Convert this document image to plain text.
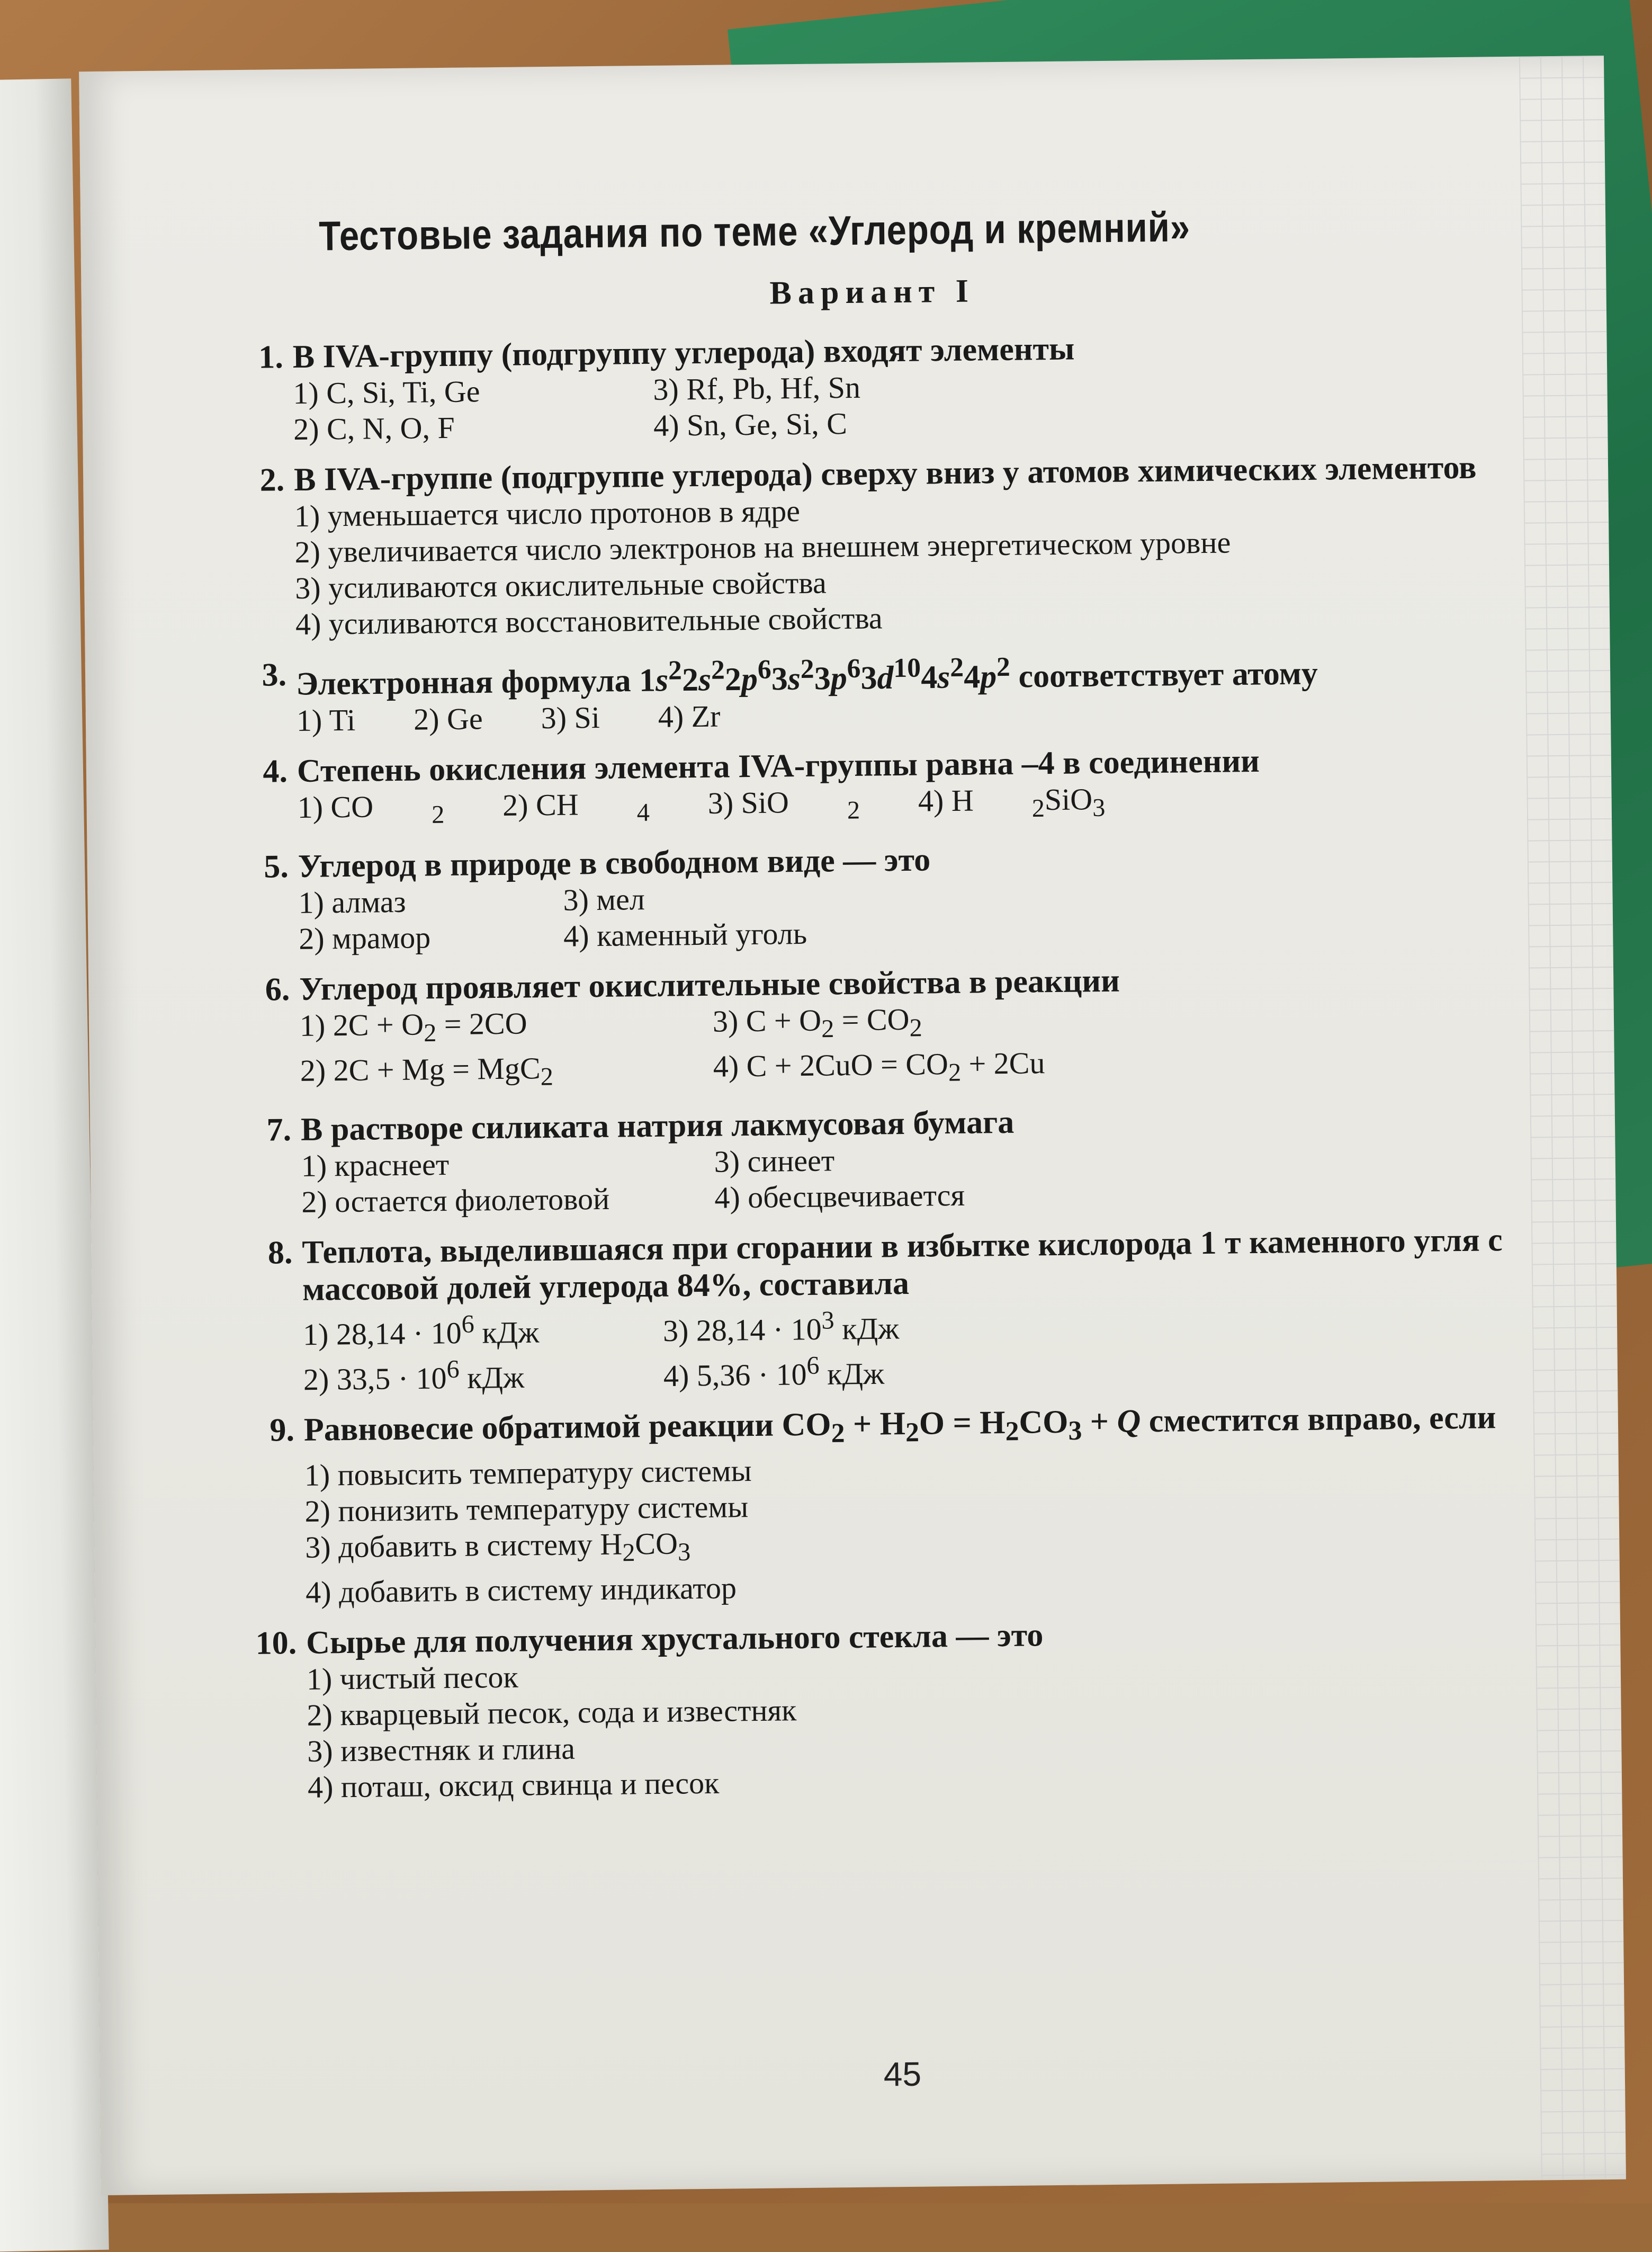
Тестовые задания по теме «Углерод и кремний»
Вариант I
1. В IVA-группу (подгруппу углерода) входят элементы
1) C, Si, Ti, Ge	3) Rf, Pb, Hf, Sn
2) C, N, O, F	4) Sn, Ge, Si, C
2. В IVA-группе (подгруппе углерода) сверху вниз у атомов химических элементов
1) уменьшается число протонов в ядре
2) увеличивается число электронов на внешнем энергетическом уровне
3) усиливаются окислительные свойства
4) усиливаются восстановительные свойства
3. Электронная формула $1s^22s^22p^63s^23p^63d^{10}4s^24p^2$ соответствует атому
1) Ti 2) Ge 3) Si 4) Zr
4. Степень окисления элемента IVA-группы равна –4 в соединении
1) CO $_2$ 2) CH $_4$ 3) SiO $_2$ 4) H $_2$SiO$_3$
5. Углерод в природе в свободном виде — это
1) алмаз	3) мел
2) мрамор	4) каменный уголь
6. Углерод проявляет окислительные свойства в реакции
1) $2C + O_2 = 2CO$	3) $C + O_2 = CO_2$
2) 2C + Mg = MgC$_2$	4) $C + 2CuO = CO_2 + 2Cu$
7. В растворе силиката натрия лакмусовая бумага
1) краснеет	3) синеет
2) остается фиолетовой	4) обесцвечивается
8. Теплота, выделившаяся при сгорании в избытке кислорода 1 т каменного угля с массовой долей углерода 84%, составила
1) $28,14 \cdot 10^6$ кДж	3) $28,14 \cdot 10^3$ кДж
2) $33,5 \cdot 10^6$ кДж	4) $5,36 \cdot 10^6$ кДж
9. Равновесие обратимой реакции $CO_2 + H_2O = H_2CO_3 + Q$ сместится вправо, если
1) повысить температуру системы
2) понизить температуру системы
3) добавить в систему $H_2CO_3$
4) добавить в систему индикатор
10. Сырье для получения хрустального стекла — это
1) чистый песок
2) кварцевый песок, сода и известняк
3) известняк и глина
4) поташ, оксид свинца и песок
45
